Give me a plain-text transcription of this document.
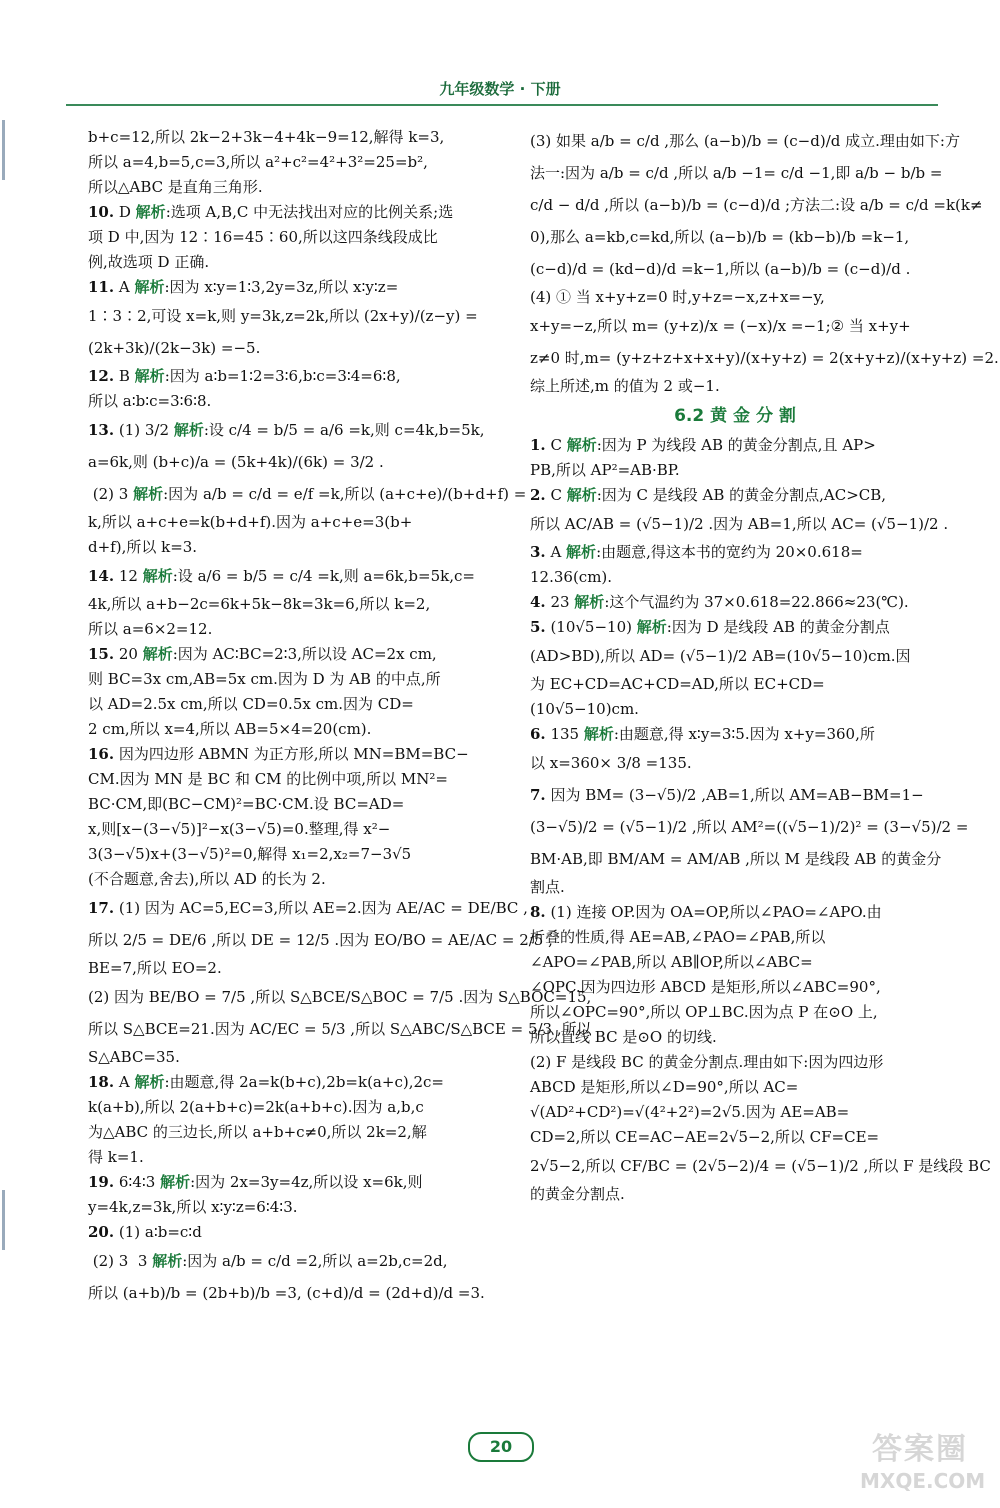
九年级数学 · 下册
b+c=12,所以 2k−2+3k−4+4k−9=12,解得 k=3,
所以 a=4,b=5,c=3,所以 a²+c²=4²+3²=25=b²,
所以△ABC 是直角三角形.
10. D 解析:选项 A,B,C 中无法找出对应的比例关系;选
项 D 中,因为 12∶16=45∶60,所以这四条线段成比
例,故选项 D 正确.
11. A 解析:因为 x∶y=1∶3,2y=3z,所以 x∶y∶z=
1∶3∶2,可设 x=k,则 y=3k,z=2k,所以 (2x+y)/(z−y) =
(2k+3k)/(2k−3k) =−5.
12. B 解析:因为 a∶b=1∶2=3∶6,b∶c=3∶4=6∶8,
所以 a∶b∶c=3∶6∶8.
13. (1) 3/2 解析:设 c/4 = b/5 = a/6 =k,则 c=4k,b=5k,
a=6k,则 (b+c)/a = (5k+4k)/(6k) = 3/2 .
(2) 3 解析:因为 a/b = c/d = e/f =k,所以 (a+c+e)/(b+d+f) =
k,所以 a+c+e=k(b+d+f).因为 a+c+e=3(b+
d+f),所以 k=3.
14. 12 解析:设 a/6 = b/5 = c/4 =k,则 a=6k,b=5k,c=
4k,所以 a+b−2c=6k+5k−8k=3k=6,所以 k=2,
所以 a=6×2=12.
15. 20 解析:因为 AC∶BC=2∶3,所以设 AC=2x cm,
则 BC=3x cm,AB=5x cm.因为 D 为 AB 的中点,所
以 AD=2.5x cm,所以 CD=0.5x cm.因为 CD=
2 cm,所以 x=4,所以 AB=5×4=20(cm).
16. 因为四边形 ABMN 为正方形,所以 MN=BM=BC−
CM.因为 MN 是 BC 和 CM 的比例中项,所以 MN²=
BC·CM,即(BC−CM)²=BC·CM.设 BC=AD=
x,则[x−(3−√5)]²−x(3−√5)=0.整理,得 x²−
3(3−√5)x+(3−√5)²=0,解得 x₁=2,x₂=7−3√5
(不合题意,舍去),所以 AD 的长为 2.
17. (1) 因为 AC=5,EC=3,所以 AE=2.因为 AE/AC = DE/BC ,
所以 2/5 = DE/6 ,所以 DE = 12/5 .因为 EO/BO = AE/AC = 2/5 ,
BE=7,所以 EO=2.
(2) 因为 BE/BO = 7/5 ,所以 S△BCE/S△BOC = 7/5 .因为 S△BOC=15,
所以 S△BCE=21.因为 AC/EC = 5/3 ,所以 S△ABC/S△BCE = 5/3 ,所以
S△ABC=35.
18. A 解析:由题意,得 2a=k(b+c),2b=k(a+c),2c=
k(a+b),所以 2(a+b+c)=2k(a+b+c).因为 a,b,c
为△ABC 的三边长,所以 a+b+c≠0,所以 2k=2,解
得 k=1.
19. 6∶4∶3 解析:因为 2x=3y=4z,所以设 x=6k,则
y=4k,z=3k,所以 x∶y∶z=6∶4∶3.
20. (1) a∶b=c∶d
(2) 3  3 解析:因为 a/b = c/d =2,所以 a=2b,c=2d,
所以 (a+b)/b = (2b+b)/b =3, (c+d)/d = (2d+d)/d =3.
(3) 如果 a/b = c/d ,那么 (a−b)/b = (c−d)/d 成立.理由如下:方
法一:因为 a/b = c/d ,所以 a/b −1= c/d −1,即 a/b − b/b =
c/d − d/d ,所以 (a−b)/b = (c−d)/d ;方法二:设 a/b = c/d =k(k≠
0),那么 a=kb,c=kd,所以 (a−b)/b = (kb−b)/b =k−1,
(c−d)/d = (kd−d)/d =k−1,所以 (a−b)/b = (c−d)/d .
(4) ① 当 x+y+z=0 时,y+z=−x,z+x=−y,
x+y=−z,所以 m= (y+z)/x = (−x)/x =−1;② 当 x+y+
z≠0 时,m= (y+z+z+x+x+y)/(x+y+z) = 2(x+y+z)/(x+y+z) =2.
综上所述,m 的值为 2 或−1.
6.2 黄 金 分 割
1. C 解析:因为 P 为线段 AB 的黄金分割点,且 AP>
PB,所以 AP²=AB·BP.
2. C 解析:因为 C 是线段 AB 的黄金分割点,AC>CB,
所以 AC/AB = (√5−1)/2 .因为 AB=1,所以 AC= (√5−1)/2 .
3. A 解析:由题意,得这本书的宽约为 20×0.618=
12.36(cm).
4. 23 解析:这个气温约为 37×0.618=22.866≈23(℃).
5. (10√5−10) 解析:因为 D 是线段 AB 的黄金分割点
(AD>BD),所以 AD= (√5−1)/2 AB=(10√5−10)cm.因
为 EC+CD=AC+CD=AD,所以 EC+CD=
(10√5−10)cm.
6. 135 解析:由题意,得 x∶y=3∶5.因为 x+y=360,所
以 x=360× 3/8 =135.
7. 因为 BM= (3−√5)/2 ,AB=1,所以 AM=AB−BM=1−
(3−√5)/2 = (√5−1)/2 ,所以 AM²=((√5−1)/2)² = (3−√5)/2 =
BM·AB,即 BM/AM = AM/AB ,所以 M 是线段 AB 的黄金分
割点.
8. (1) 连接 OP.因为 OA=OP,所以∠PAO=∠APO.由
折叠的性质,得 AE=AB,∠PAO=∠PAB,所以
∠APO=∠PAB,所以 AB∥OP,所以∠ABC=
∠OPC.因为四边形 ABCD 是矩形,所以∠ABC=90°,
所以∠OPC=90°,所以 OP⊥BC.因为点 P 在⊙O 上,
所以直线 BC 是⊙O 的切线.
(2) F 是线段 BC 的黄金分割点.理由如下:因为四边形
ABCD 是矩形,所以∠D=90°,所以 AC=
√(AD²+CD²)=√(4²+2²)=2√5.因为 AE=AB=
CD=2,所以 CE=AC−AE=2√5−2,所以 CF=CE=
2√5−2,所以 CF/BC = (2√5−2)/4 = (√5−1)/2 ,所以 F 是线段 BC
的黄金分割点.
20	答案圈
MXQE.COM
